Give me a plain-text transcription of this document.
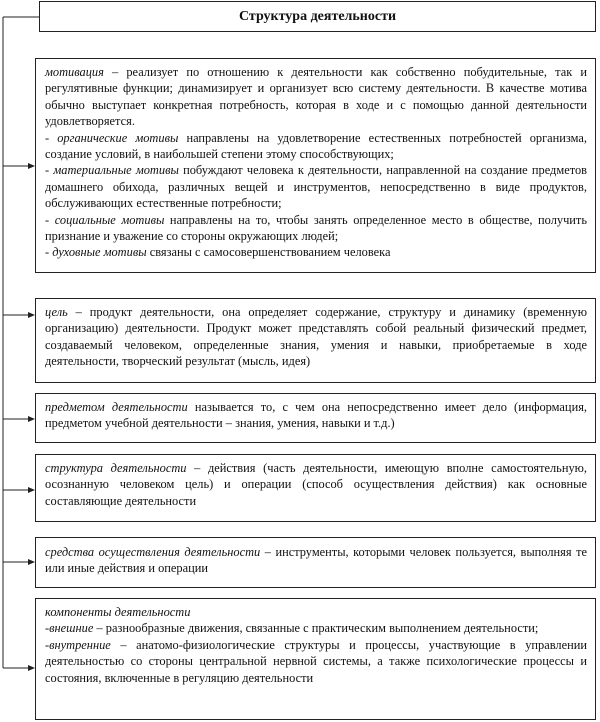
Структура деятельности

мотивация – реализует по отношению к деятельности как собственно побудительные, так и регулятивные функции; динамизирует и организует всю систему деятельности. В качестве мотива обычно выступает конкретная потребность, которая в ходе и с помощью данной деятельности удовлетворяется.

- органические мотивы направлены на удовлетворение естественных потребностей организма, создание условий, в наибольшей степени этому способствующих;

- материальные мотивы побуждают человека к деятельности, направленной на создание предметов домашнего обихода, различных вещей и инструментов, непосредственно в виде продуктов, обслуживающих естественные потребности;

- социальные мотивы направлены на то, чтобы занять определенное место в обществе, получить признание и уважение со стороны окружающих людей;

- духовные мотивы связаны с самосовершенствованием человека

цель – продукт деятельности, она определяет содержание, структуру и динамику (временную организацию) деятельности. Продукт может представлять собой реальный физический предмет, создаваемый человеком, определенные знания, умения и навыки, приобретаемые в ходе деятельности, творческий результат (мысль, идея)

предметом деятельности называется то, с чем она непосредственно имеет дело (информация, предметом учебной деятельности – знания, умения, навыки и т.д.)

структура деятельности – действия (часть деятельности, имеющую вполне самостоятельную, осознанную человеком цель) и операции (способ осуществления действия) как основные составляющие деятельности

средства осуществления деятельности – инструменты, которыми человек пользуется, выполняя те или иные действия и операции

компоненты деятельности

-внешние – разнообразные движения, связанные с практическим выполнением деятельности;

-внутренние – анатомо-физиологические структуры и процессы, участвующие в управлении деятельностью со стороны центральной нервной системы, а также психологические процессы и состояния, включенные в регуляцию деятельности
